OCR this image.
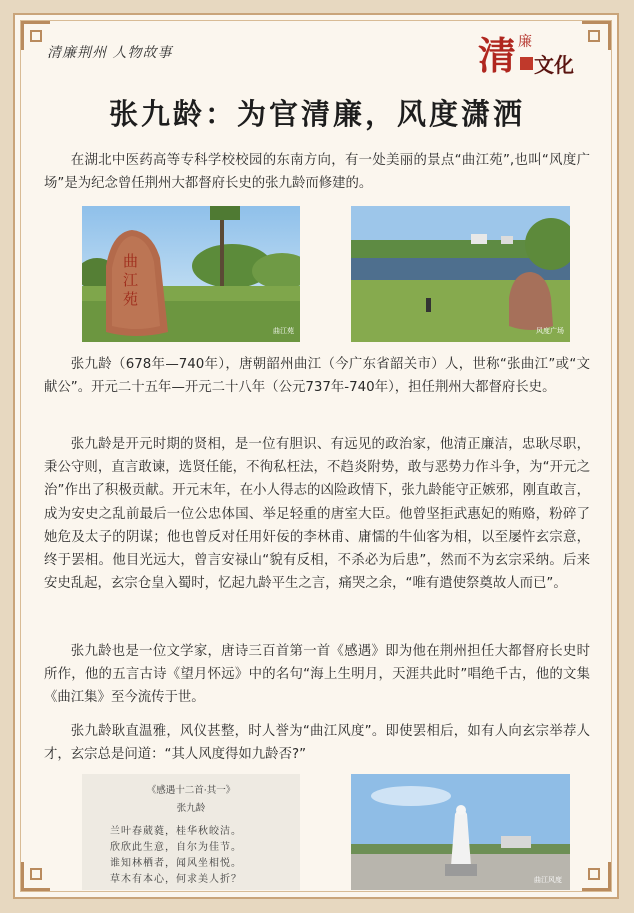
清廉荆州 人物故事	清 廉
文化
张九龄：为官清廉，风度潇洒
在湖北中医药高等专科学校校园的东南方向，有一处美丽的景点“曲江苑”,也叫“风度广场”是为纪念曾任荆州大都督府长史的张九龄而修建的。
曲江苑
曲江苑	风度广场
张九龄（678年—740年），唐朝韶州曲江（今广东省韶关市）人，世称“张曲江”或“文献公”。开元二十五年—开元二十八年（公元737年-740年），担任荆州大都督府长史。
张九龄是开元时期的贤相，是一位有胆识、有远见的政治家，他清正廉洁，忠耿尽职，秉公守则，直言敢谏，选贤任能，不徇私枉法，不趋炎附势，敢与恶势力作斗争，为“开元之治”作出了积极贡献。开元末年，在小人得志的凶险政情下，张九龄能守正嫉邪，刚直敢言，成为安史之乱前最后一位公忠体国、举足轻重的唐室大臣。他曾坚拒武惠妃的贿赂，粉碎了她危及太子的阴谋；他也曾反对任用奸佞的李林甫、庸懦的牛仙客为相，以至屡忤玄宗意，终于罢相。他目光远大，曾言安禄山“貌有反相，不杀必为后患”，然而不为玄宗采纳。后来安史乱起，玄宗仓皇入蜀时，忆起九龄平生之言，痛哭之余，“唯有遣使祭奠故人而已”。
张九龄也是一位文学家，唐诗三百首第一首《感遇》即为他在荆州担任大都督府长史时所作，他的五言古诗《望月怀远》中的名句“海上生明月，天涯共此时”唱绝千古，他的文集《曲江集》至今流传于世。
张九龄耿直温雅，风仪甚整，时人誉为“曲江风度”。即使罢相后，如有人向玄宗举荐人才，玄宗总是问道：“其人风度得如九龄否?”
《感遇十二首·其一》
张九龄
兰叶春葳蕤，桂华秋皎洁。
欣欣此生意，自尔为佳节。
谁知林栖者，闻风坐相悦。
草木有本心，何求美人折？	曲江风度
